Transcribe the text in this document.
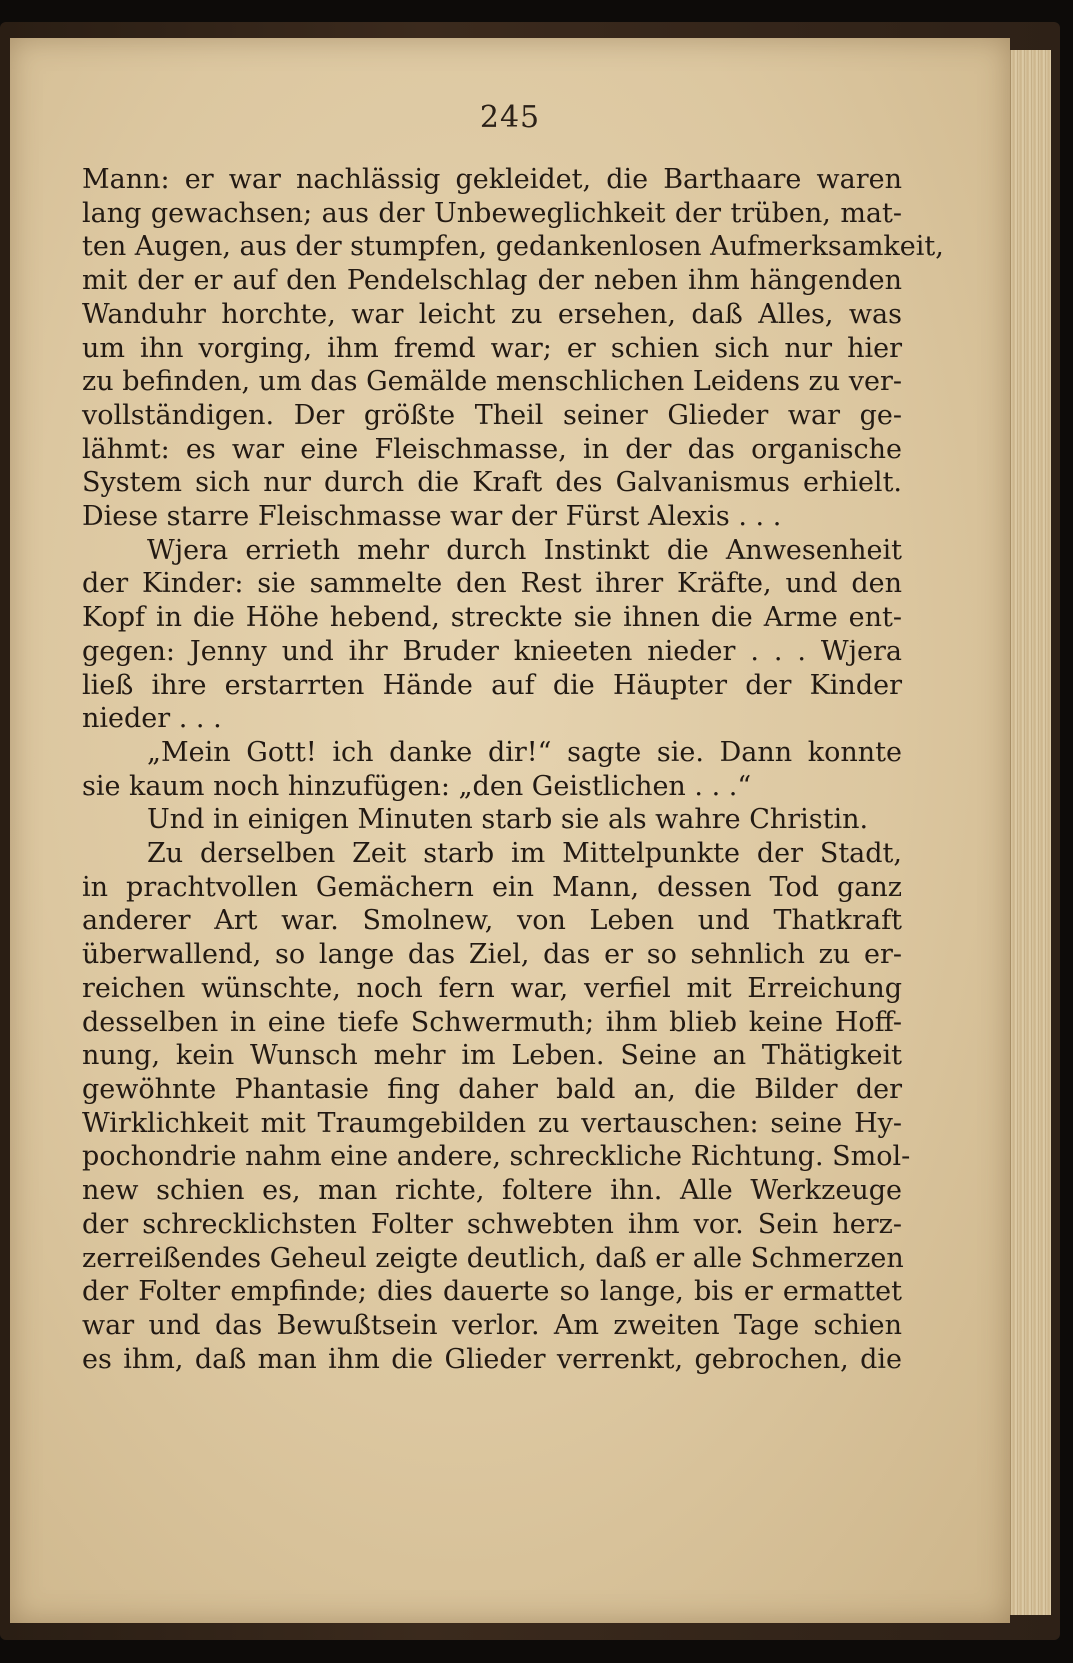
245
Mann: er war nachlässig gekleidet, die Barthaare waren
lang gewachsen; aus der Unbeweglichkeit der trüben, mat-
ten Augen, aus der stumpfen, gedankenlosen Aufmerksamkeit,
mit der er auf den Pendelschlag der neben ihm hängenden
Wanduhr horchte, war leicht zu ersehen, daß Alles, was
um ihn vorging, ihm fremd war; er schien sich nur hier
zu befinden, um das Gemälde menschlichen Leidens zu ver-
vollständigen. Der größte Theil seiner Glieder war ge-
lähmt: es war eine Fleischmasse, in der das organische
System sich nur durch die Kraft des Galvanismus erhielt.
Diese starre Fleischmasse war der Fürst Alexis . . .
Wjera errieth mehr durch Instinkt die Anwesenheit
der Kinder: sie sammelte den Rest ihrer Kräfte, und den
Kopf in die Höhe hebend, streckte sie ihnen die Arme ent-
gegen: Jenny und ihr Bruder knieeten nieder . . . Wjera
ließ ihre erstarrten Hände auf die Häupter der Kinder
nieder . . .
„Mein Gott! ich danke dir!“ sagte sie. Dann konnte
sie kaum noch hinzufügen: „den Geistlichen . . .“
Und in einigen Minuten starb sie als wahre Christin.
Zu derselben Zeit starb im Mittelpunkte der Stadt,
in prachtvollen Gemächern ein Mann, dessen Tod ganz
anderer Art war. Smolnew, von Leben und Thatkraft
überwallend, so lange das Ziel, das er so sehnlich zu er-
reichen wünschte, noch fern war, verfiel mit Erreichung
desselben in eine tiefe Schwermuth; ihm blieb keine Hoff-
nung, kein Wunsch mehr im Leben. Seine an Thätigkeit
gewöhnte Phantasie fing daher bald an, die Bilder der
Wirklichkeit mit Traumgebilden zu vertauschen: seine Hy-
pochondrie nahm eine andere, schreckliche Richtung. Smol-
new schien es, man richte, foltere ihn. Alle Werkzeuge
der schrecklichsten Folter schwebten ihm vor. Sein herz-
zerreißendes Geheul zeigte deutlich, daß er alle Schmerzen
der Folter empfinde; dies dauerte so lange, bis er ermattet
war und das Bewußtsein verlor. Am zweiten Tage schien
es ihm, daß man ihm die Glieder verrenkt, gebrochen, die
